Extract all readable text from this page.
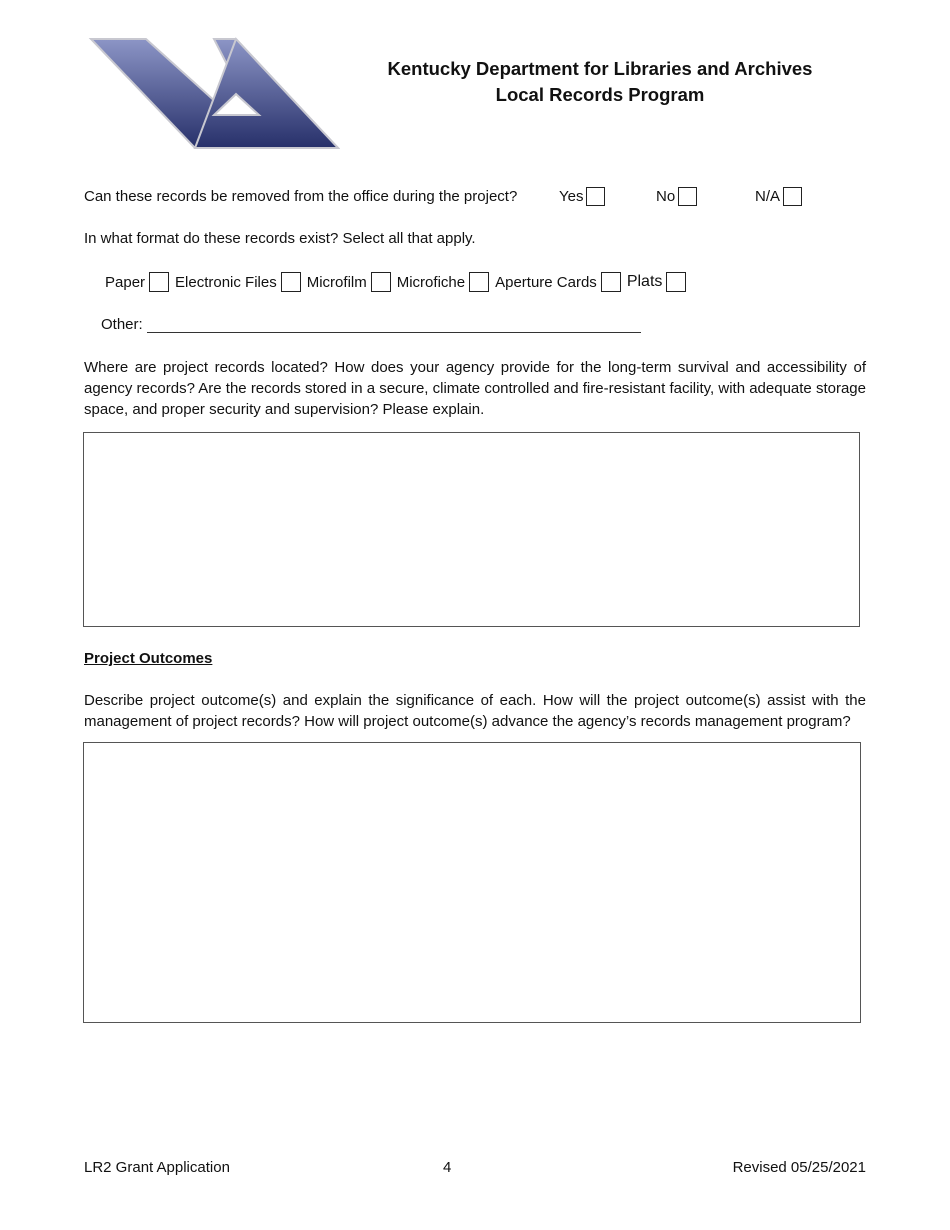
Kentucky Department for Libraries and Archives
Local Records Program
Can these records be removed from the office during the project?	Yes	No	N/A
In what format do these records exist? Select all that apply.
Paper Electronic Files Microfilm Microfiche Aperture Cards Plats
Other:
Where are project records located? How does your agency provide for the long-term survival and accessibility of agency records? Are the records stored in a secure, climate controlled and fire-resistant facility, with adequate storage space, and proper security and supervision? Please explain.
Project Outcomes
Describe project outcome(s) and explain the significance of each. How will the project outcome(s) assist with the management of project records? How will project outcome(s) advance the agency’s records management program?
LR2 Grant Application	4	Revised 05/25/2021
